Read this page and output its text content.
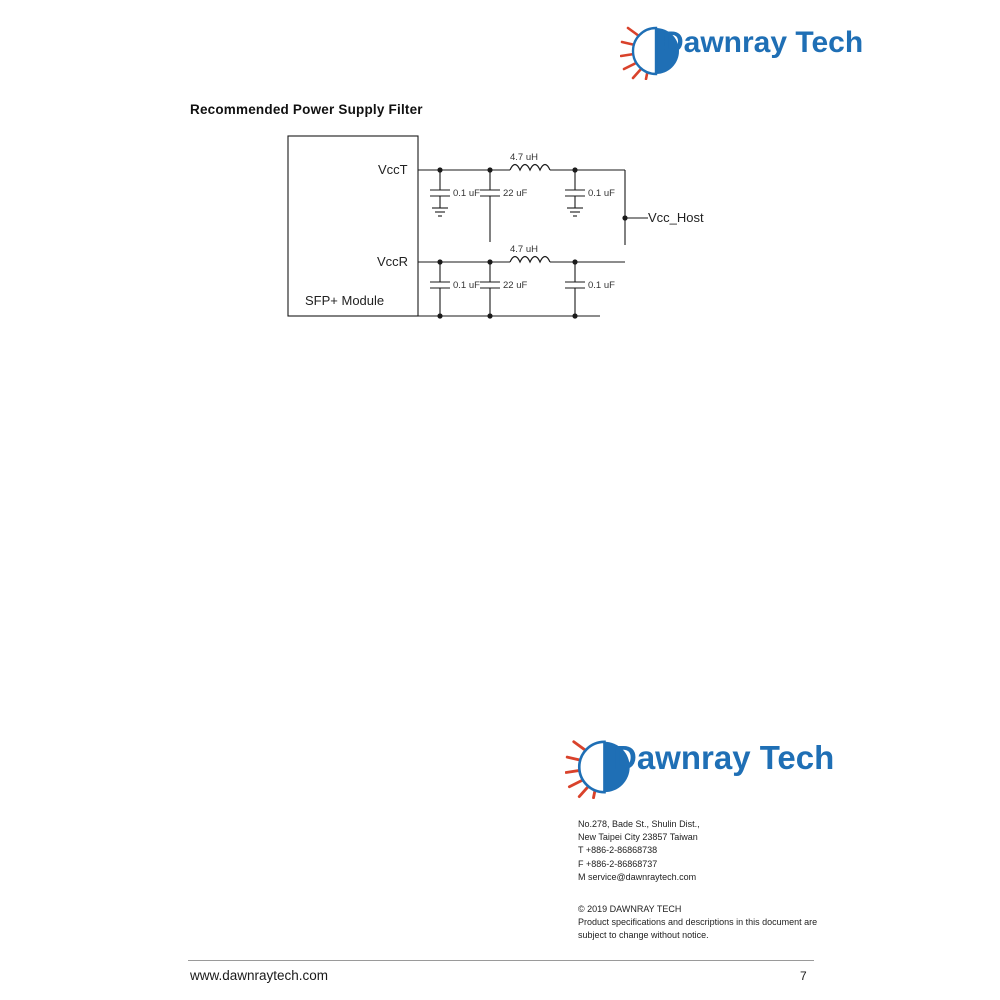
Dawnray Tech
Recommended Power Supply Filter
VccT
VccR
SFP+ Module
4.7 uH
4.7 uH
0.1 uF 22 uF	0.1 uF
0.1 uF 22 uF	0.1 uF
Vcc_Host
Dawnray Tech
No.278, Bade St., Shulin Dist.,
New Taipei City 23857 Taiwan
T +886-2-86868738
F +886-2-86868737
M service@dawnraytech.com
© 2019 DAWNRAY TECH
Product specifications and descriptions in this document are
subject to change without notice.
www.dawnraytech.com	7
